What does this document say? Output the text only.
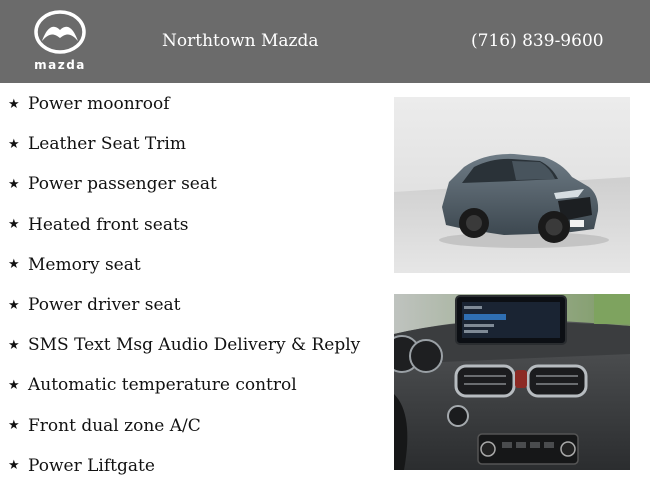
mazda
Northtown Mazda	(716) 839-9600
★ Power moonroof
★ Leather Seat Trim
★ Power passenger seat
★ Heated front seats
★ Memory seat
★ Power driver seat
★ SMS Text Msg Audio Delivery & Reply
★ Automatic temperature control
★ Front dual zone A/C
★ Power Liftgate
